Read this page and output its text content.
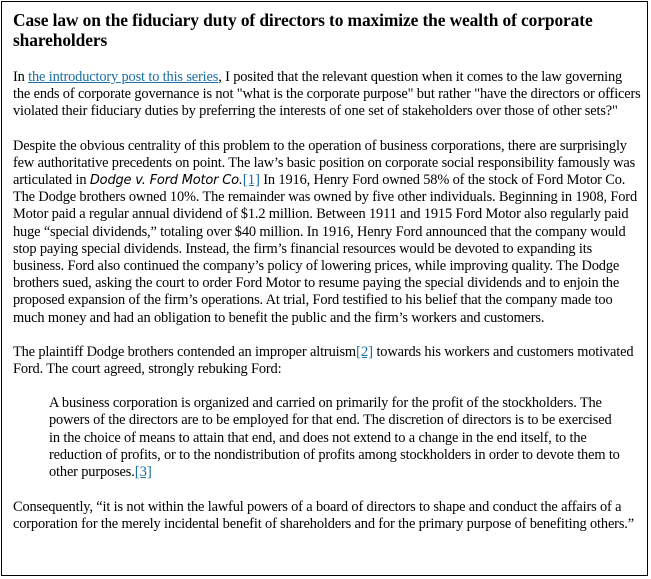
Case law on the fiduciary duty of directors to maximize the wealth of corporate shareholders

In the introductory post to this series, I posited that the relevant question when it comes to the law governing the ends of corporate governance is not "what is the corporate purpose" but rather "have the directors or officers violated their fiduciary duties by preferring the interests of one set of stakeholders over those of other sets?"

Despite the obvious centrality of this problem to the operation of business corporations, there are surprisingly few authoritative precedents on point. The law’s basic position on corporate social responsibility famously was articulated in Dodge v. Ford Motor Co.[1] In 1916, Henry Ford owned 58% of the stock of Ford Motor Co. The Dodge brothers owned 10%. The remainder was owned by five other individuals. Beginning in 1908, Ford Motor paid a regular annual dividend of $1.2 million. Between 1911 and 1915 Ford Motor also regularly paid huge “special dividends,” totaling over $40 million. In 1916, Henry Ford announced that the company would stop paying special dividends. Instead, the firm’s financial resources would be devoted to expanding its business. Ford also continued the company’s policy of lowering prices, while improving quality. The Dodge brothers sued, asking the court to order Ford Motor to resume paying the special dividends and to enjoin the proposed expansion of the firm’s operations. At trial, Ford testified to his belief that the company made too much money and had an obligation to benefit the public and the firm’s workers and customers.

The plaintiff Dodge brothers contended an improper altruism[2] towards his workers and customers motivated Ford. The court agreed, strongly rebuking Ford:

A business corporation is organized and carried on primarily for the profit of the stockholders. The powers of the directors are to be employed for that end. The discretion of directors is to be exercised in the choice of means to attain that end, and does not extend to a change in the end itself, to the reduction of profits, or to the nondistribution of profits among stockholders in order to devote them to other purposes.[3]

Consequently, “it is not within the lawful powers of a board of directors to shape and conduct the affairs of a corporation for the merely incidental benefit of shareholders and for the primary purpose of benefiting others.”
